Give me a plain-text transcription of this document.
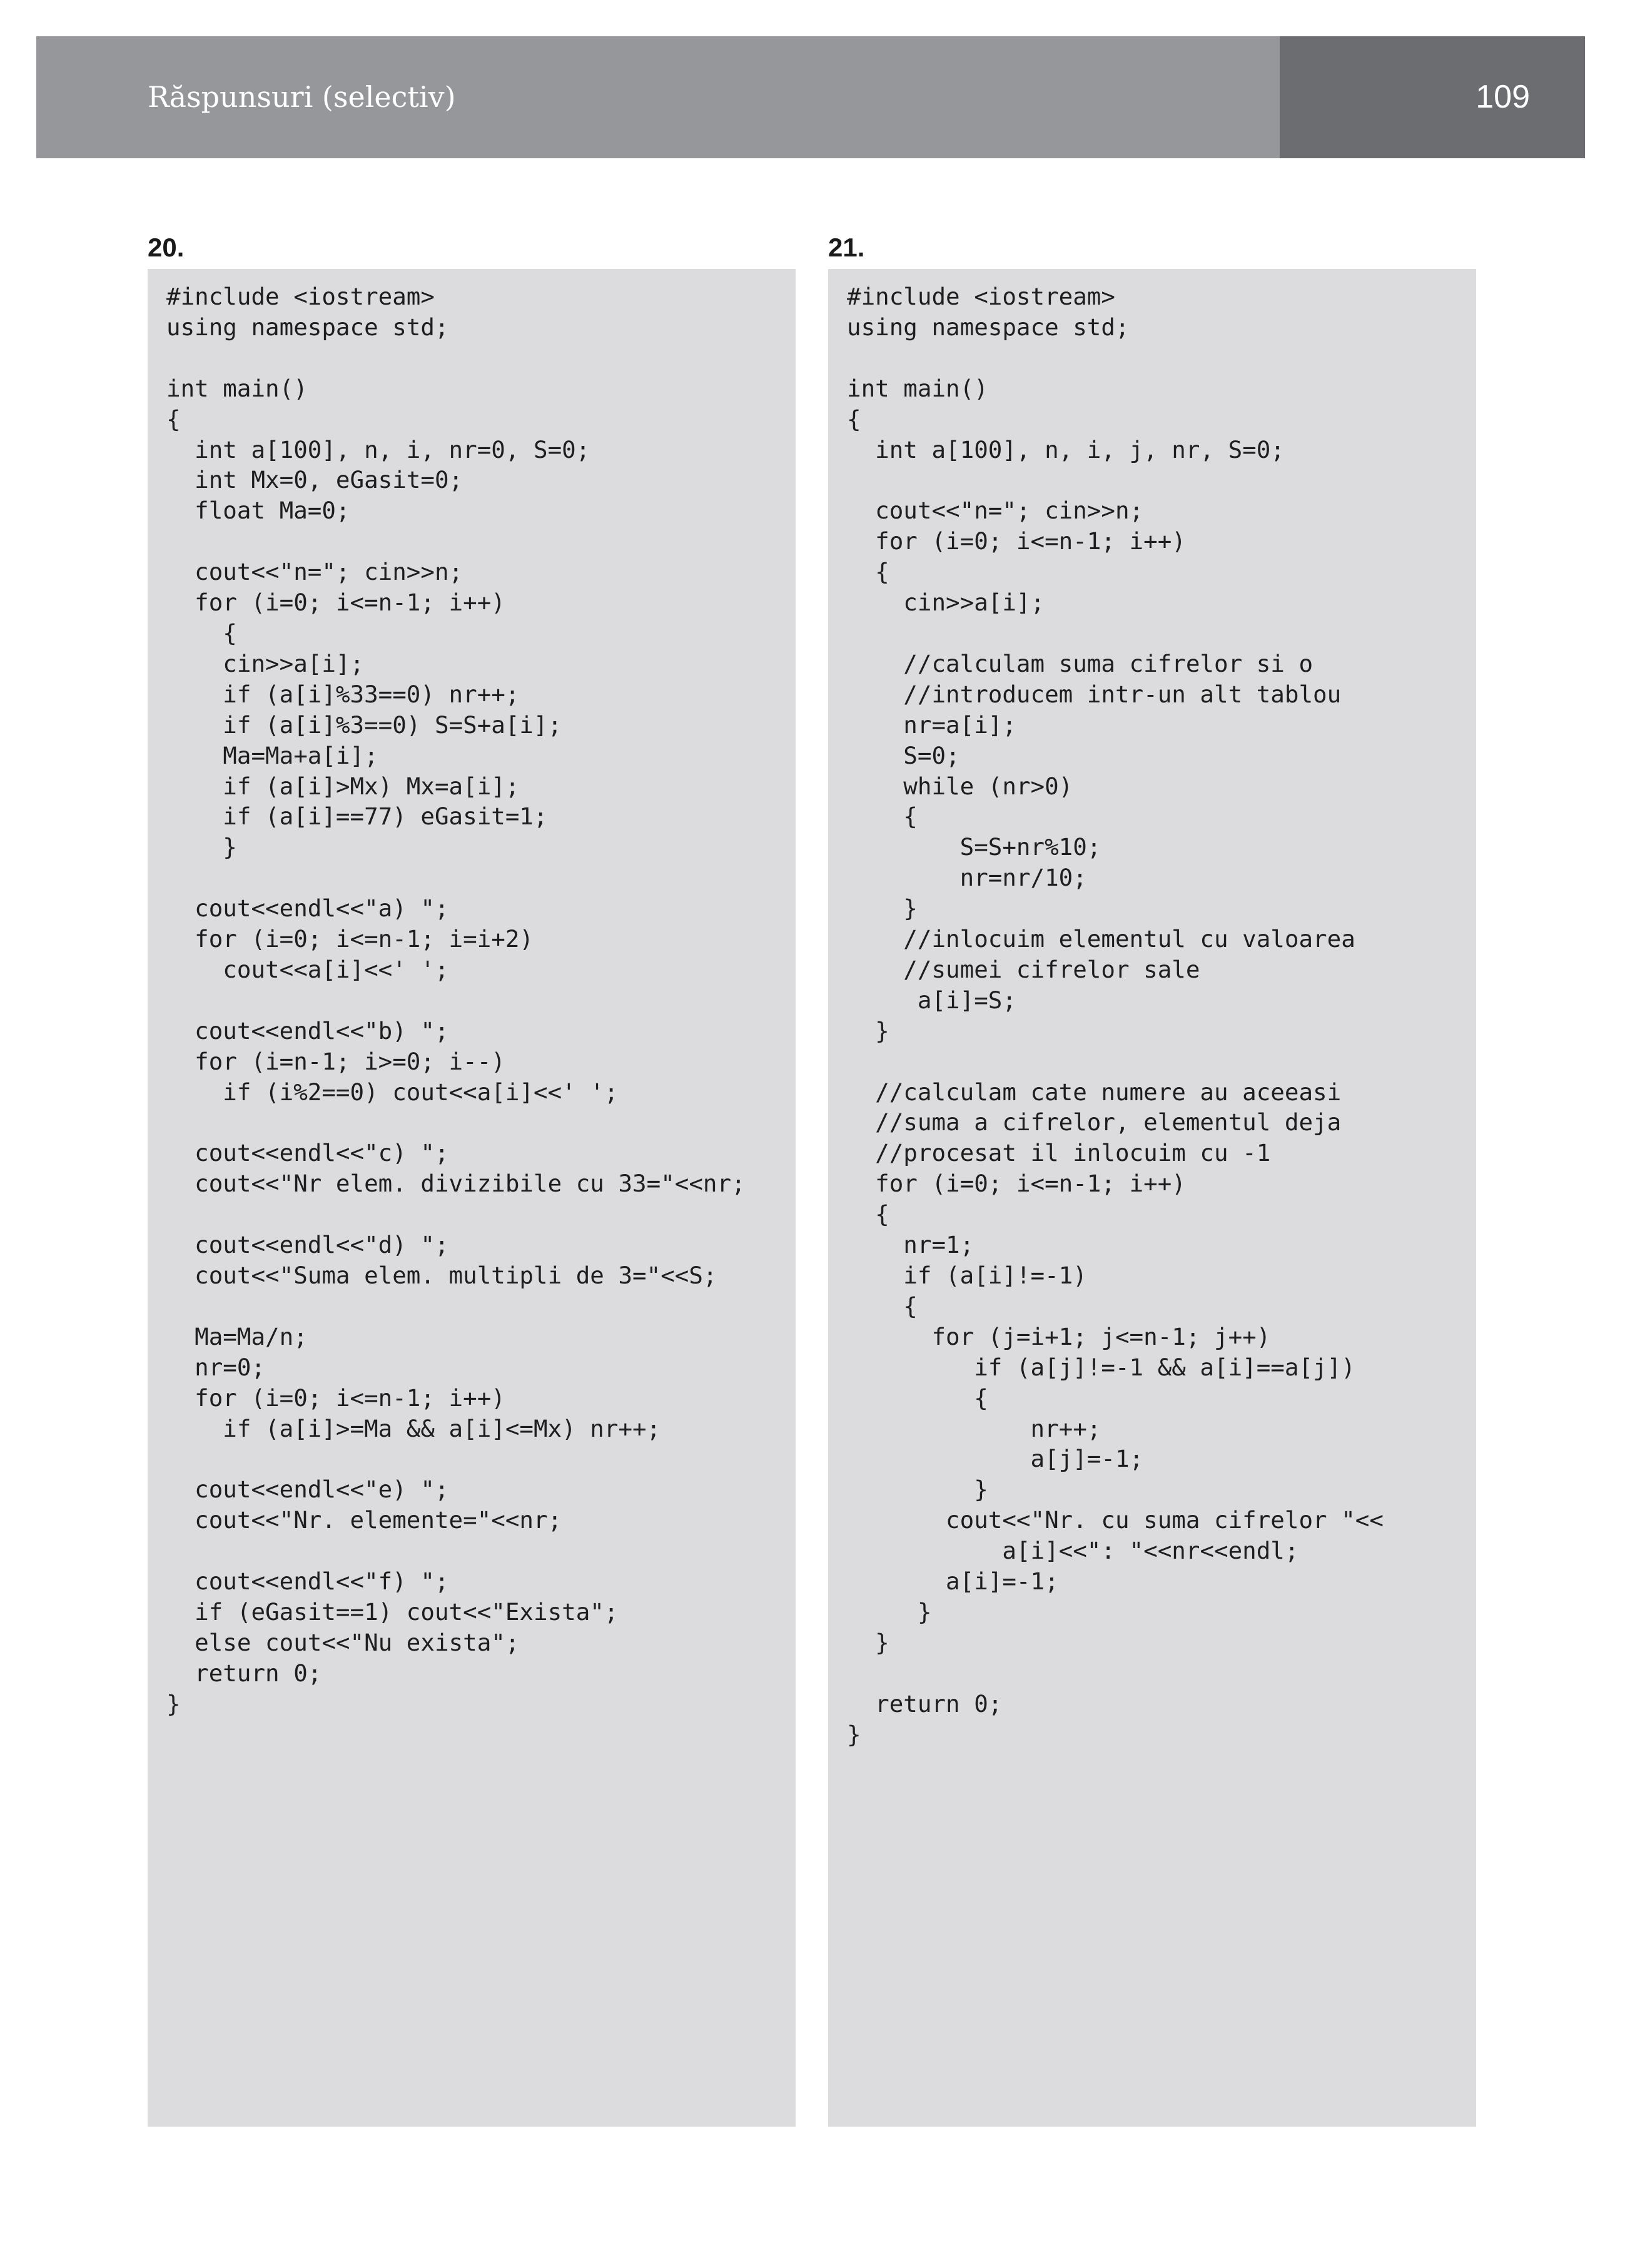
Răspunsuri (selectiv)	109
20.
#include <iostream>
using namespace std;

int main()
{
int a[100], n, i, nr=0, S=0;
int Mx=0, eGasit=0;
float Ma=0;

cout<<"n="; cin>>n;
for (i=0; i<=n-1; i++)
{
cin>>a[i];
if (a[i]%33==0) nr++;
if (a[i]%3==0) S=S+a[i];
Ma=Ma+a[i];
if (a[i]>Mx) Mx=a[i];
if (a[i]==77) eGasit=1;
}

cout<<endl<<"a) ";
for (i=0; i<=n-1; i=i+2)
cout<<a[i]<<' ';

cout<<endl<<"b) ";
for (i=n-1; i>=0; i--)
if (i%2==0) cout<<a[i]<<' ';

cout<<endl<<"c) ";
cout<<"Nr elem. divizibile cu 33="<<nr;

cout<<endl<<"d) ";
cout<<"Suma elem. multipli de 3="<<S;

Ma=Ma/n;
nr=0;
for (i=0; i<=n-1; i++)
if (a[i]>=Ma && a[i]<=Mx) nr++;

cout<<endl<<"e) ";
cout<<"Nr. elemente="<<nr;

cout<<endl<<"f) ";
if (eGasit==1) cout<<"Exista";
else cout<<"Nu exista";
return 0;
}
21.
#include <iostream>
using namespace std;

int main()
{
int a[100], n, i, j, nr, S=0;

cout<<"n="; cin>>n;
for (i=0; i<=n-1; i++)
{
cin>>a[i];

//calculam suma cifrelor si o
//introducem intr-un alt tablou
nr=a[i];
S=0;
while (nr>0)
{
S=S+nr%10;
nr=nr/10;
}
//inlocuim elementul cu valoarea
//sumei cifrelor sale
a[i]=S;
}

//calculam cate numere au aceeasi
//suma a cifrelor, elementul deja
//procesat il inlocuim cu -1
for (i=0; i<=n-1; i++)
{
nr=1;
if (a[i]!=-1)
{
for (j=i+1; j<=n-1; j++)
if (a[j]!=-1 && a[i]==a[j])
{
nr++;
a[j]=-1;
}
cout<<"Nr. cu suma cifrelor "<<
a[i]<<": "<<nr<<endl;
a[i]=-1;
}
}

return 0;
}
